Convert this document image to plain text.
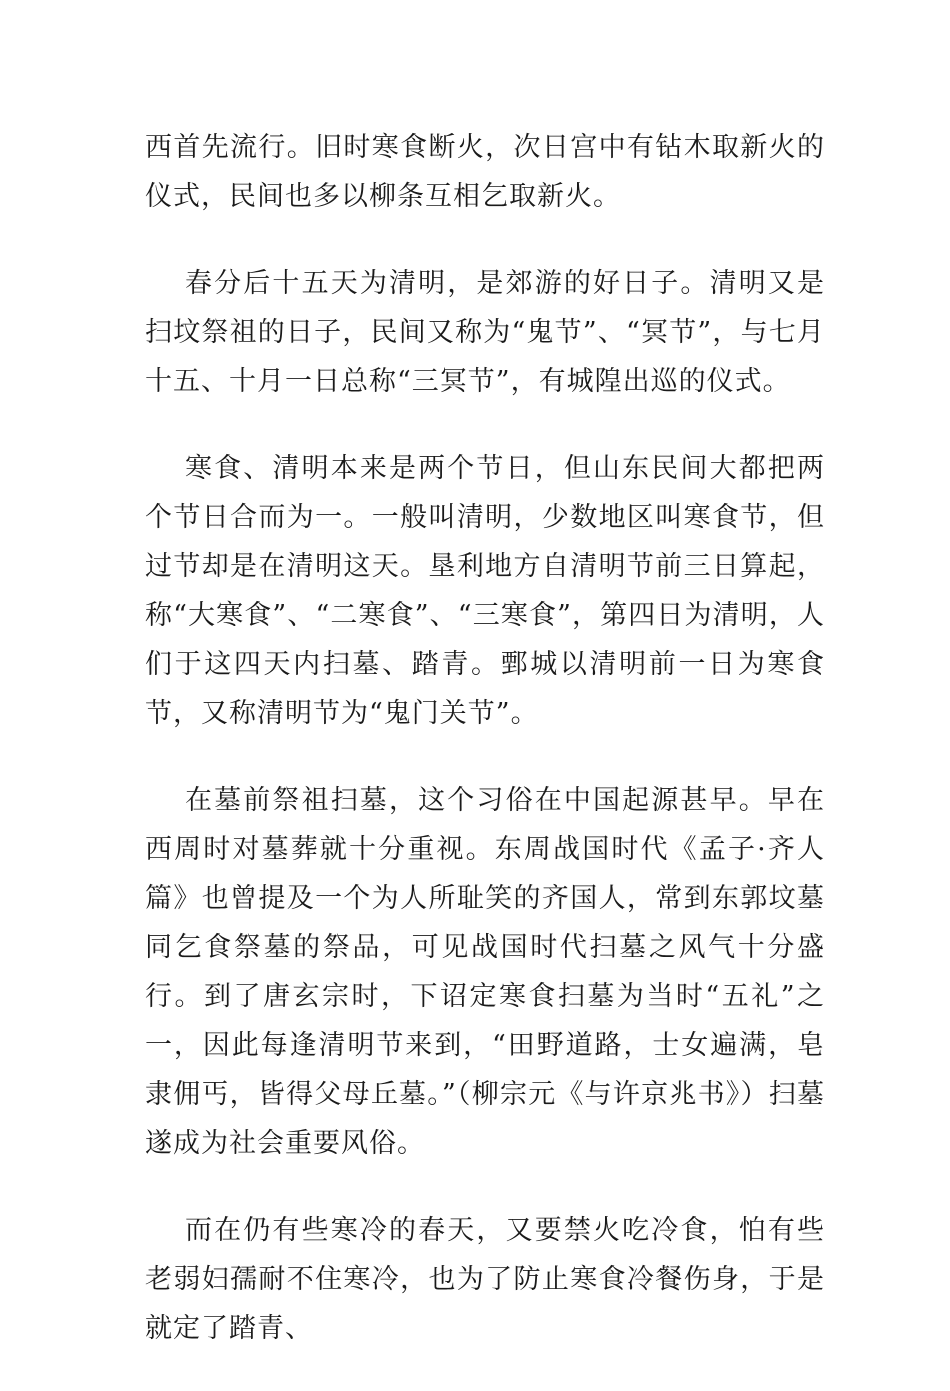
西首先流行。旧时寒食断火，次日宫中有钻木取新火的仪式，民间也多以柳条互相乞取新火。

春分后十五天为清明，是郊游的好日子。清明又是扫坟祭祖的日子，民间又称为“鬼节”、“冥节”，与七月十五、十月一日总称“三冥节”，有城隍出巡的仪式。

寒食、清明本来是两个节日，但山东民间大都把两个节日合而为一。一般叫清明，少数地区叫寒食节，但过节却是在清明这天。垦利地方自清明节前三日算起，称“大寒食”、“二寒食”、“三寒食”，第四日为清明，人们于这四天内扫墓、踏青。鄄城以清明前一日为寒食节，又称清明节为“鬼门关节”。

在墓前祭祖扫墓，这个习俗在中国起源甚早。早在西周时对墓葬就十分重视。东周战国时代《孟子·齐人篇》也曾提及一个为人所耻笑的齐国人，常到东郭坟墓同乞食祭墓的祭品，可见战国时代扫墓之风气十分盛行。到了唐玄宗时，下诏定寒食扫墓为当时“五礼”之一，因此每逢清明节来到，“田野道路，士女遍满，皂隶佣丐，皆得父母丘墓。”（柳宗元《与许京兆书》）扫墓遂成为社会重要风俗。

而在仍有些寒冷的春天，又要禁火吃冷食，怕有些老弱妇孺耐不住寒冷，也为了防止寒食冷餐伤身，于是就定了踏青、
